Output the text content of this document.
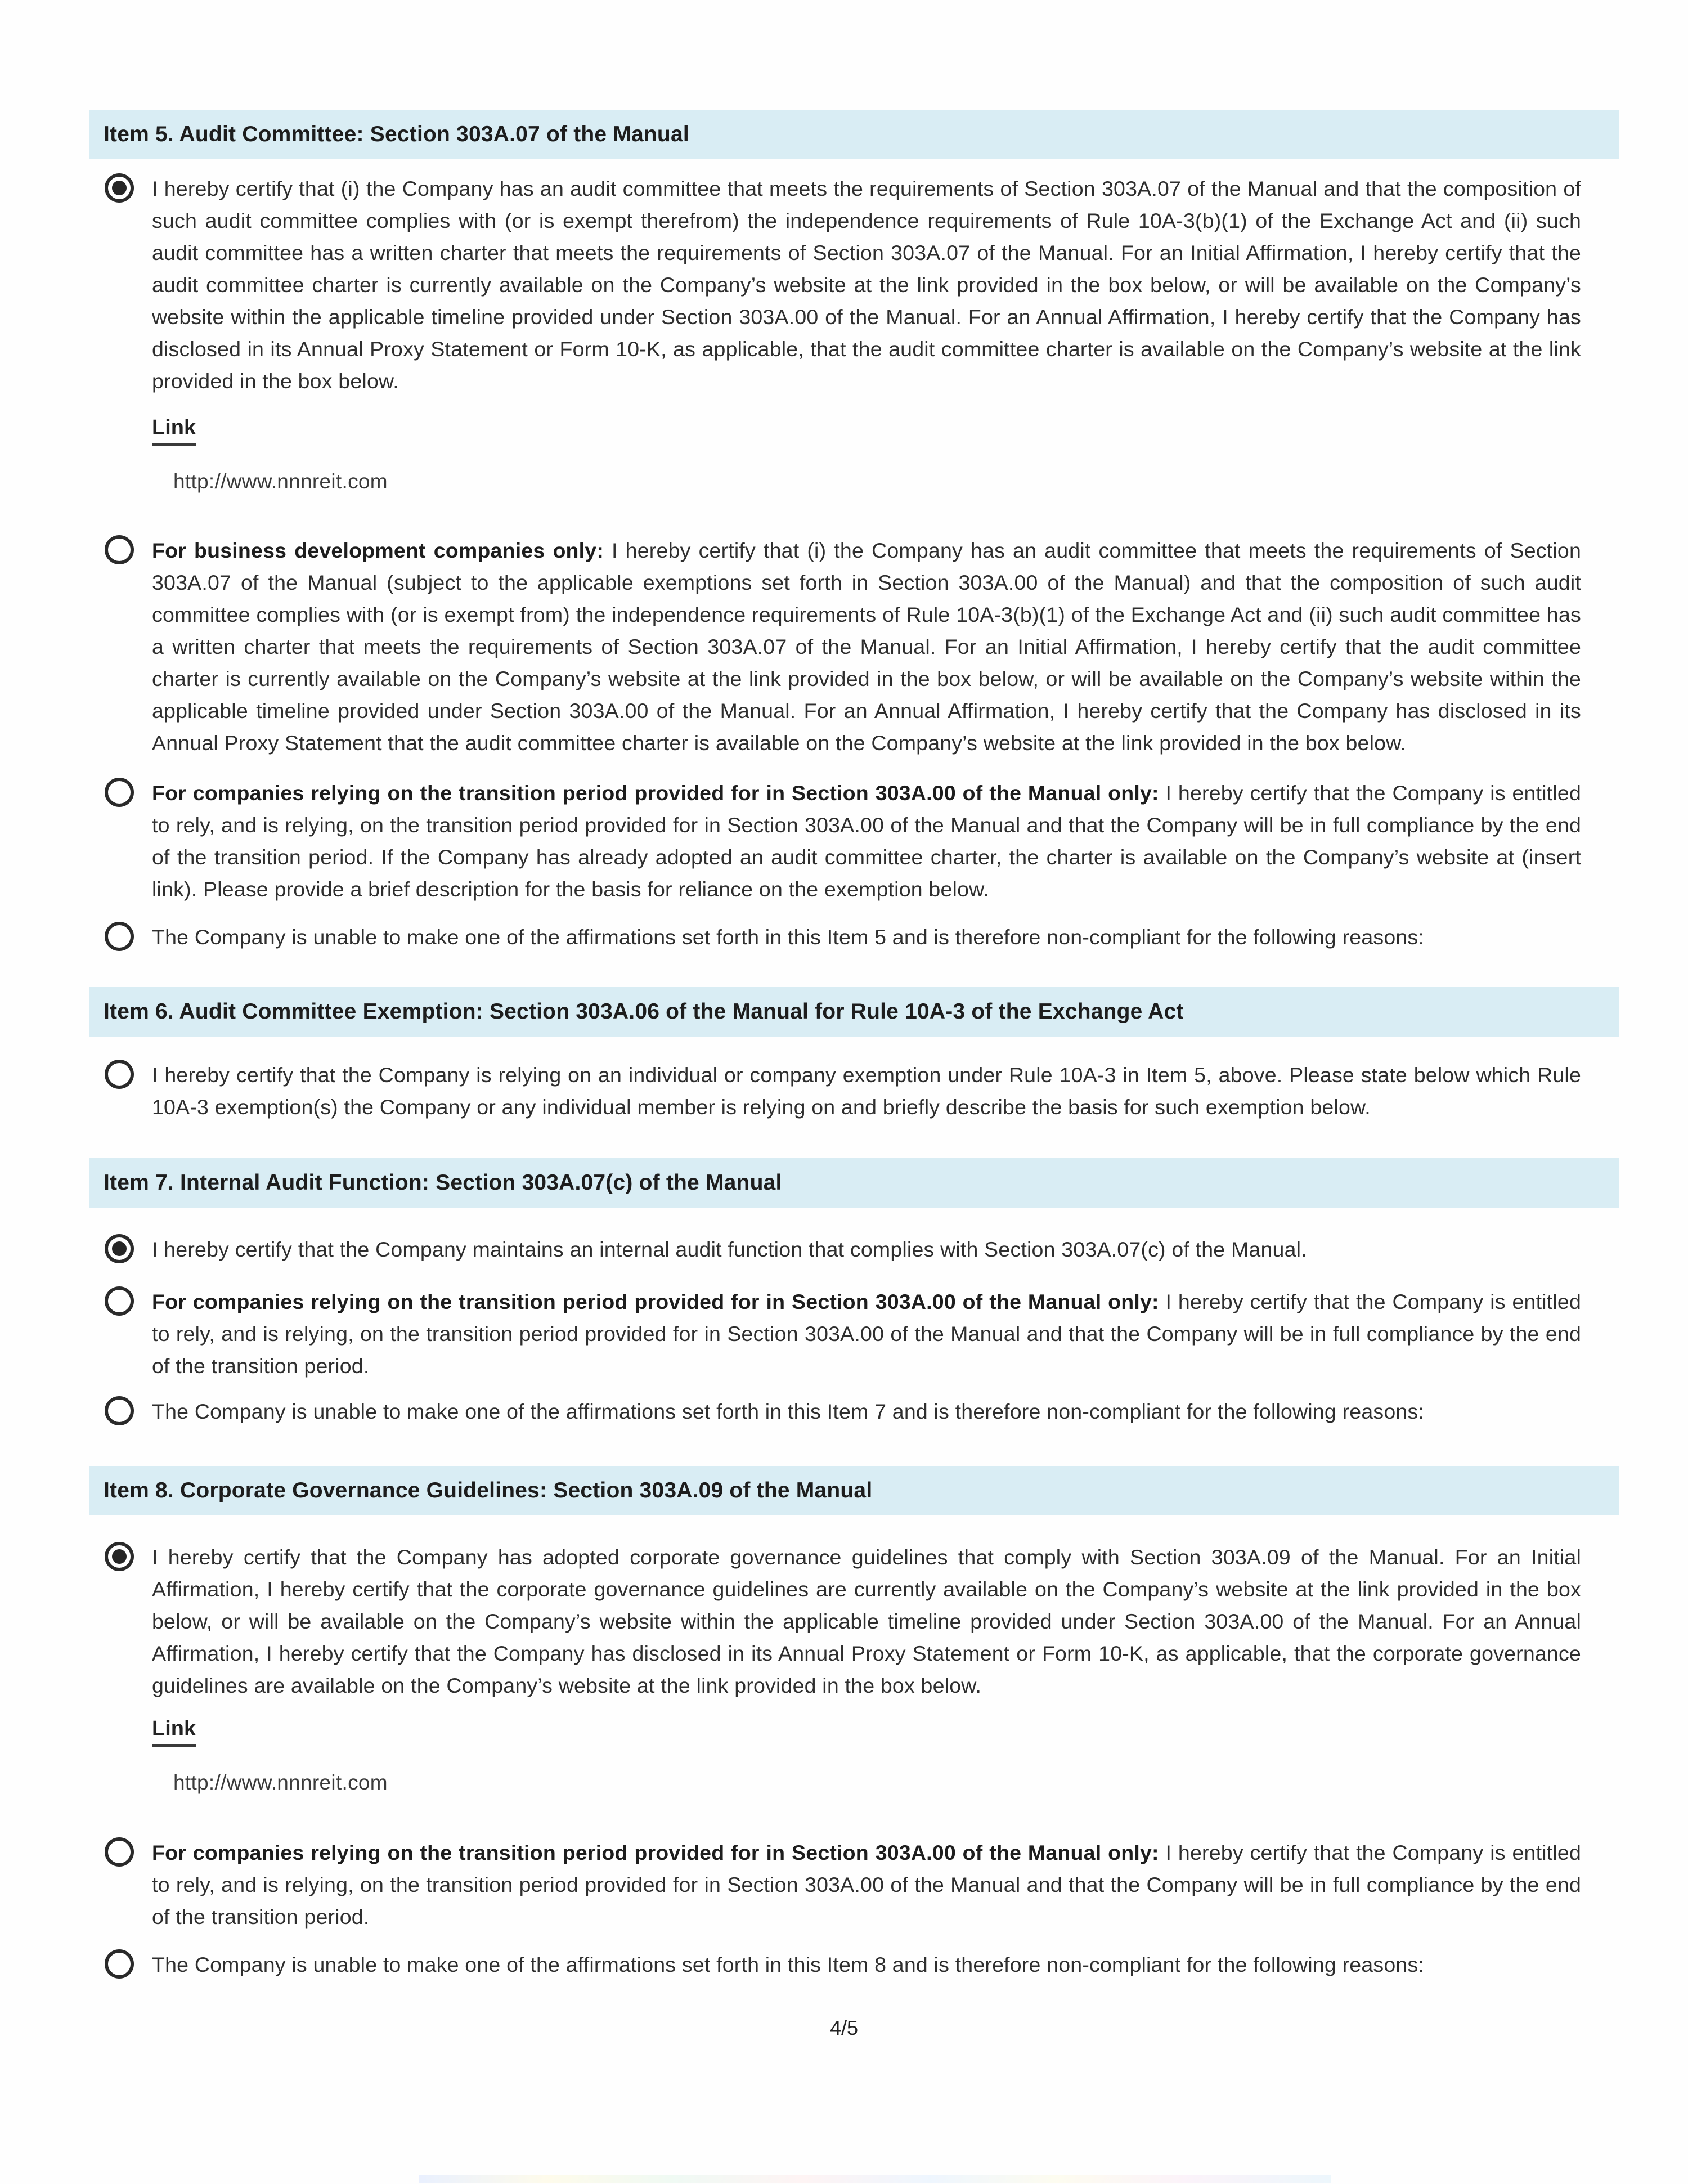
Item 5. Audit Committee: Section 303A.07 of the Manual
I hereby certify that (i) the Company has an audit committee that meets the requirements of Section 303A.07 of the Manual and that the composition of such audit committee complies with (or is exempt therefrom) the independence requirements of Rule 10A-3(b)(1) of the Exchange Act and (ii) such audit committee has a written charter that meets the requirements of Section 303A.07 of the Manual. For an Initial Affirmation, I hereby certify that the audit committee charter is currently available on the Company’s website at the link provided in the box below, or will be available on the Company’s website within the applicable timeline provided under Section 303A.00 of the Manual. For an Annual Affirmation, I hereby certify that the Company has disclosed in its Annual Proxy Statement or Form 10-K, as applicable, that the audit committee charter is available on the Company’s website at the link provided in the box below.
Link
http://www.nnnreit.com
For business development companies only: I hereby certify that (i) the Company has an audit committee that meets the requirements of Section 303A.07 of the Manual (subject to the applicable exemptions set forth in Section 303A.00 of the Manual) and that the composition of such audit committee complies with (or is exempt from) the independence requirements of Rule 10A-3(b)(1) of the Exchange Act and (ii) such audit committee has a written charter that meets the requirements of Section 303A.07 of the Manual. For an Initial Affirmation, I hereby certify that the audit committee charter is currently available on the Company’s website at the link provided in the box below, or will be available on the Company’s website within the applicable timeline provided under Section 303A.00 of the Manual. For an Annual Affirmation, I hereby certify that the Company has disclosed in its Annual Proxy Statement that the audit committee charter is available on the Company’s website at the link provided in the box below.
For companies relying on the transition period provided for in Section 303A.00 of the Manual only: I hereby certify that the Company is entitled to rely, and is relying, on the transition period provided for in Section 303A.00 of the Manual and that the Company will be in full compliance by the end of the transition period. If the Company has already adopted an audit committee charter, the charter is available on the Company’s website at (insert link). Please provide a brief description for the basis for reliance on the exemption below.
The Company is unable to make one of the affirmations set forth in this Item 5 and is therefore non-compliant for the following reasons:
Item 6. Audit Committee Exemption: Section 303A.06 of the Manual for Rule 10A-3 of the Exchange Act
I hereby certify that the Company is relying on an individual or company exemption under Rule 10A-3 in Item 5, above. Please state below which Rule 10A-3 exemption(s) the Company or any individual member is relying on and briefly describe the basis for such exemption below.
Item 7. Internal Audit Function: Section 303A.07(c) of the Manual
I hereby certify that the Company maintains an internal audit function that complies with Section 303A.07(c) of the Manual.
For companies relying on the transition period provided for in Section 303A.00 of the Manual only: I hereby certify that the Company is entitled to rely, and is relying, on the transition period provided for in Section 303A.00 of the Manual and that the Company will be in full compliance by the end of the transition period.
The Company is unable to make one of the affirmations set forth in this Item 7 and is therefore non-compliant for the following reasons:
Item 8. Corporate Governance Guidelines: Section 303A.09 of the Manual
I hereby certify that the Company has adopted corporate governance guidelines that comply with Section 303A.09 of the Manual. For an Initial Affirmation, I hereby certify that the corporate governance guidelines are currently available on the Company’s website at the link provided in the box below, or will be available on the Company’s website within the applicable timeline provided under Section 303A.00 of the Manual. For an Annual Affirmation, I hereby certify that the Company has disclosed in its Annual Proxy Statement or Form 10-K, as applicable, that the corporate governance guidelines are available on the Company’s website at the link provided in the box below.
Link
http://www.nnnreit.com
For companies relying on the transition period provided for in Section 303A.00 of the Manual only: I hereby certify that the Company is entitled to rely, and is relying, on the transition period provided for in Section 303A.00 of the Manual and that the Company will be in full compliance by the end of the transition period.
The Company is unable to make one of the affirmations set forth in this Item 8 and is therefore non-compliant for the following reasons:
4/5
